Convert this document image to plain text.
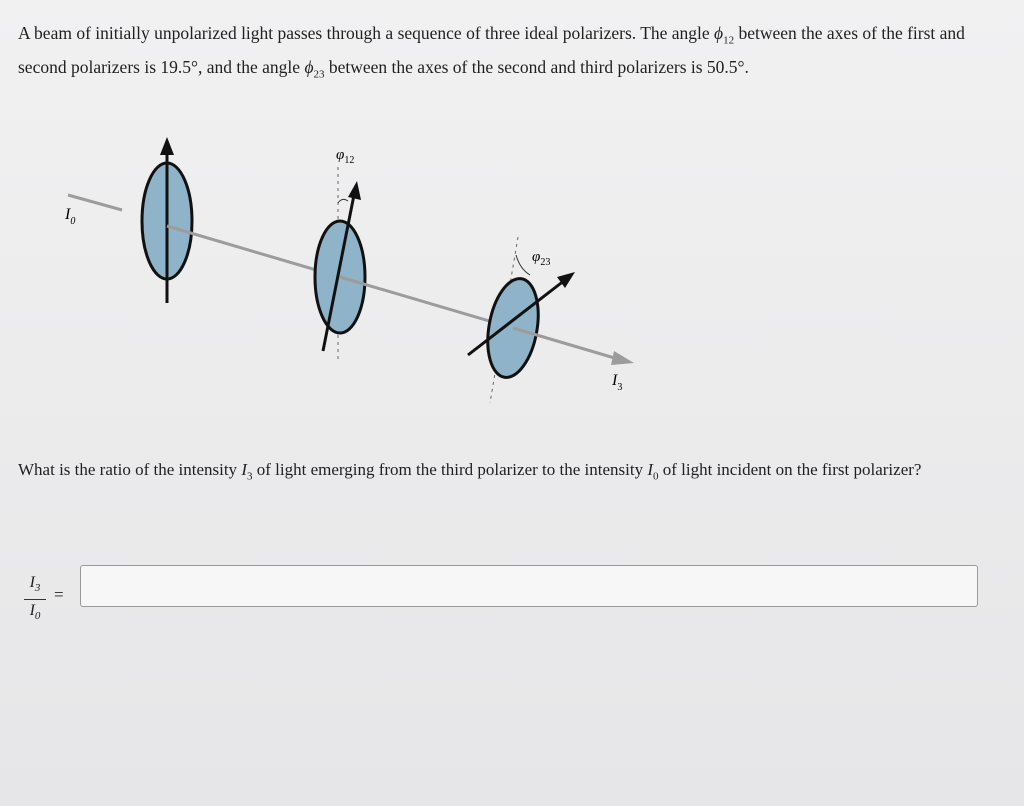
A beam of initially unpolarized light passes through a sequence of three ideal polarizers. The angle $\phi_{12}$ between the axes of the first and second polarizers is 19.5°, and the angle $\phi_{23}$ between the axes of the second and third polarizers is 50.5°.
$I_0$
$\varphi_{12}$
$\varphi_{23}$
$I_3$
What is the ratio of the intensity $I_3$ of light emerging from the third polarizer to the intensity $I_0$ of light incident on the first polarizer?
$I_3$
$I_0$
=
